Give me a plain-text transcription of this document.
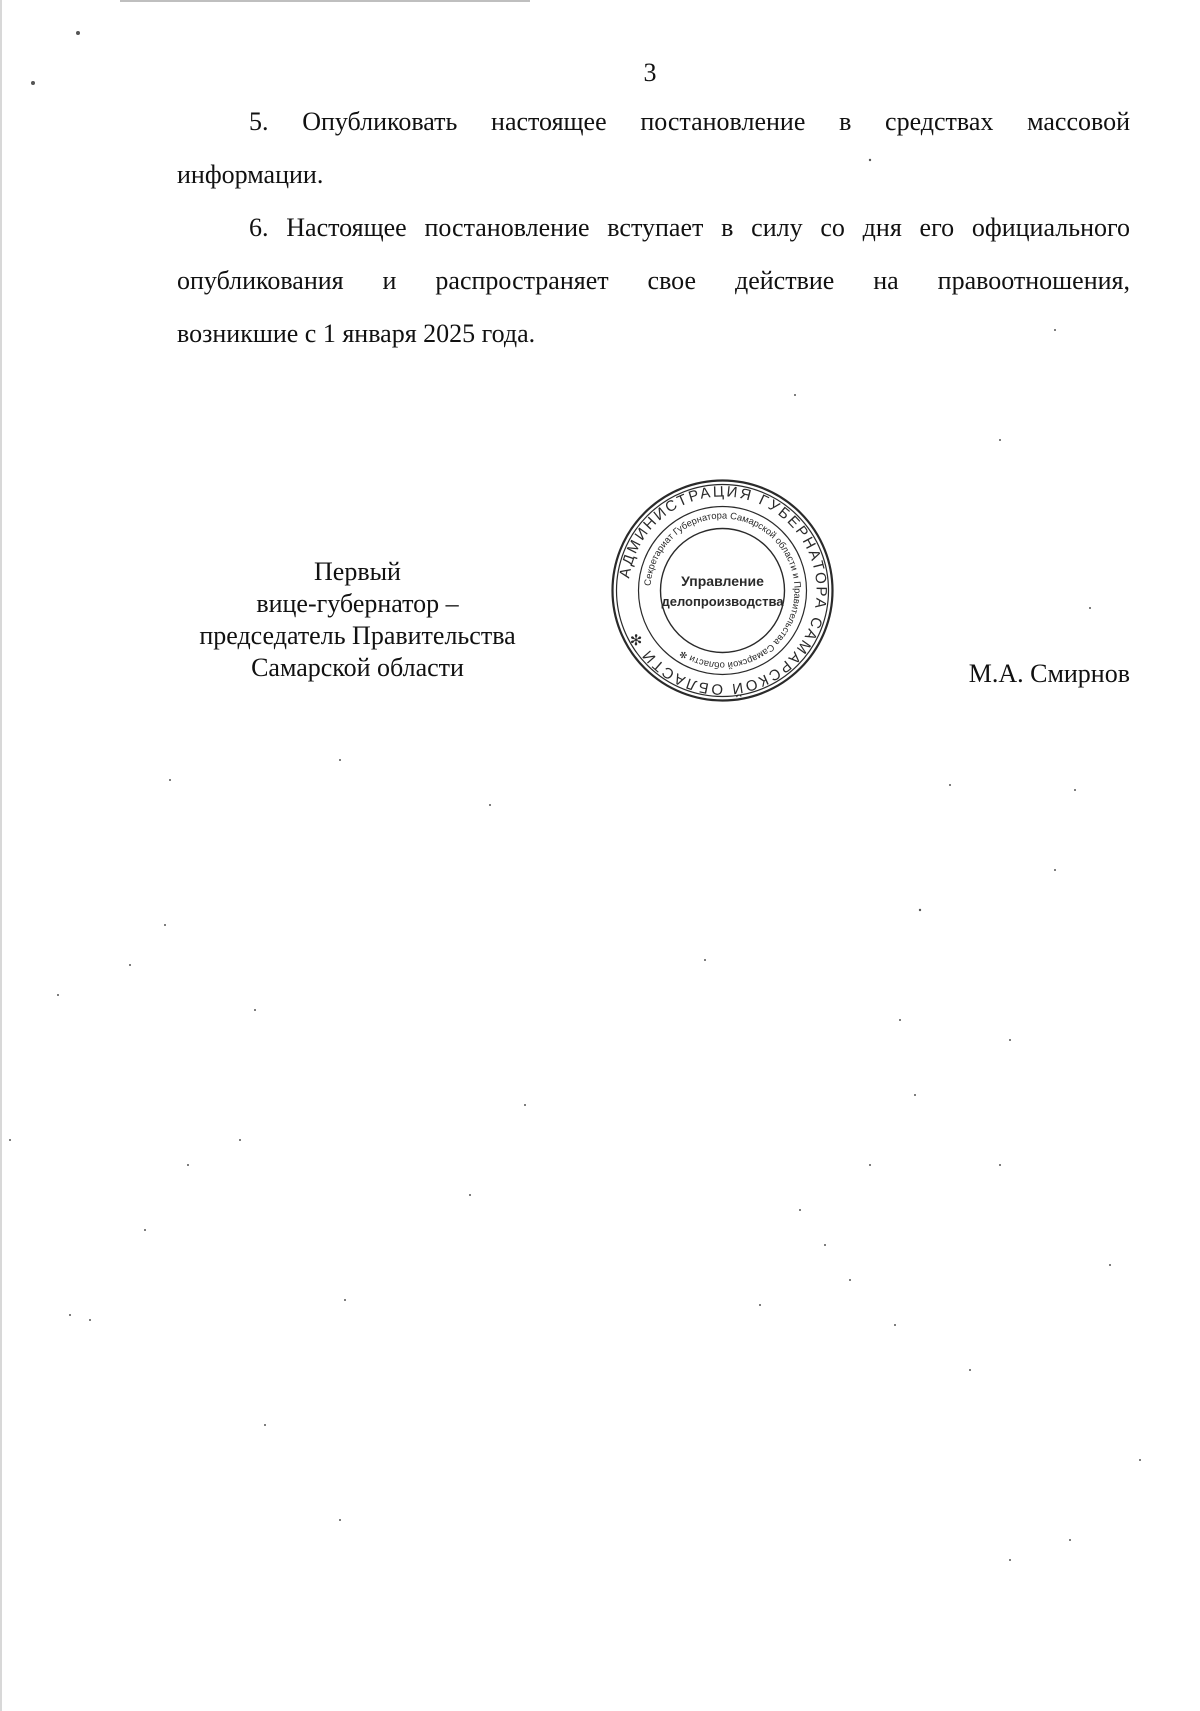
3

5. Опубликовать настоящее постановление в средствах массовой
информации.

6. Настоящее постановление вступает в силу со дня его официального
опубликования и распространяет свое действие на правоотношения,
возникшие с 1 января 2025 года.

Первый
вице-губернатор –
председатель Правительства
Самарской области
АДМИНИСТРАЦИЯ ГУБЕРНАТОРА САМАРСКОЙ ОБЛАСТИ ✻
Секретариат Губернатора Самарской области и Правительства Самарской области ✻
Управление
делопроизводства
М.А. Смирнов
